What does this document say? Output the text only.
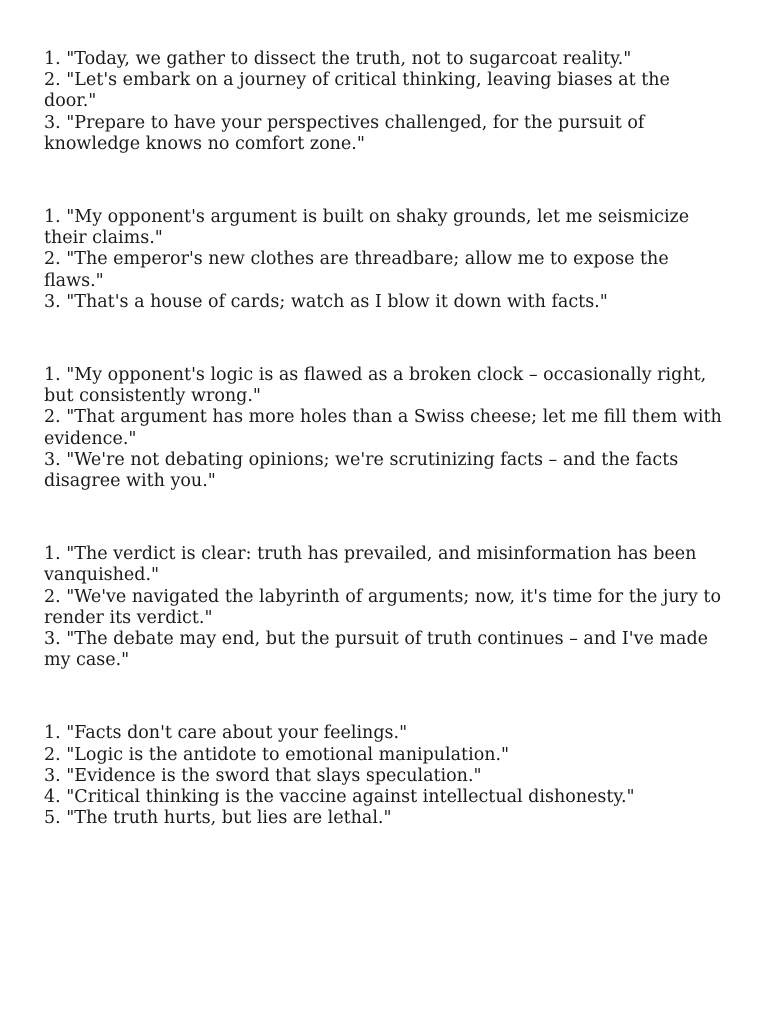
1. "Today, we gather to dissect the truth, not to sugarcoat reality."
2. "Let's embark on a journey of critical thinking, leaving biases at the door."
3. "Prepare to have your perspectives challenged, for the pursuit of knowledge knows no comfort zone."
1. "My opponent's argument is built on shaky grounds, let me seismicize their claims."
2. "The emperor's new clothes are threadbare; allow me to expose the flaws."
3. "That's a house of cards; watch as I blow it down with facts."
1. "My opponent's logic is as flawed as a broken clock – occasionally right, but consistently wrong."
2. "That argument has more holes than a Swiss cheese; let me fill them with evidence."
3. "We're not debating opinions; we're scrutinizing facts – and the facts disagree with you."
1. "The verdict is clear: truth has prevailed, and misinformation has been vanquished."
2. "We've navigated the labyrinth of arguments; now, it's time for the jury to render its verdict."
3. "The debate may end, but the pursuit of truth continues – and I've made my case."
1. "Facts don't care about your feelings."
2. "Logic is the antidote to emotional manipulation."
3. "Evidence is the sword that slays speculation."
4. "Critical thinking is the vaccine against intellectual dishonesty."
5. "The truth hurts, but lies are lethal."
